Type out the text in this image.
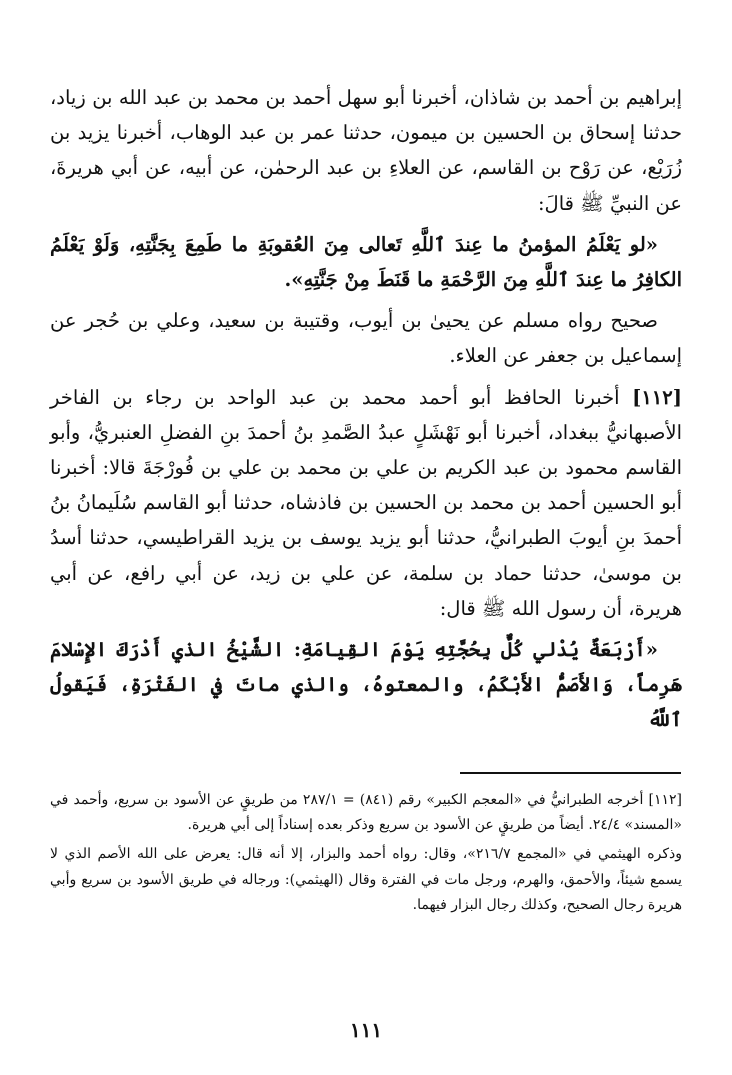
إبراهيم بن أحمد بن شاذان، أخبرنا أبو سهل أحمد بن محمد بن عبد الله بن زياد، حدثنا إسحاق بن الحسين بن ميمون، حدثنا عمر بن عبد الوهاب، أخبرنا يزيد بن زُرَيْع، عن رَوْح بن القاسم، عن العلاءِ بن عبد الرحمٰن، عن أبيه، عن أبي هريرةَ، عن النبيِّ ﷺ قالَ:

«لو يَعْلَمُ المؤمنُ ما عِندَ ٱللَّهِ تَعالى مِنَ العُقوبَةِ ما طَمِعَ بِجَنَّتِهِ، وَلَوْ يَعْلَمُ الكافِرُ ما عِندَ ٱللَّهِ مِنَ الرَّحْمَةِ ما قَنَطَ مِنْ جَنَّتِهِ».

صحيح رواه مسلم عن يحيىٰ بن أيوب، وقتيبة بن سعيد، وعلي بن حُجر عن إسماعيل بن جعفر عن العلاء.

[١١٢] أخبرنا الحافظ أبو أحمد محمد بن عبد الواحد بن رجاء بن الفاخر الأصبهانيُّ ببغداد، أخبرنا أبو نَهْشَلٍ عبدُ الصَّمدِ بنُ أحمدَ بنِ الفضلِ العنبريُّ، وأبو القاسم محمود بن عبد الكريم بن علي بن محمد بن علي بن فُورْجَةَ قالا: أخبرنا أبو الحسين أحمد بن محمد بن الحسين بن فاذشاه، حدثنا أبو القاسم سُلَيمانُ بنُ أحمدَ بنِ أيوبَ الطبرانيُّ، حدثنا أبو يزيد يوسف بن يزيد القراطيسي، حدثنا أسدُ بن موسىٰ، حدثنا حماد بن سلمة، عن علي بن زيد، عن أبي رافع، عن أبي هريرة، أن رسول الله ﷺ قال:

«أَرْبَعَةٌ يُدْلي كُلٌّ بِحُجَّتِهِ يَوْمَ القِيامَةِ: الشَّيْخُ الذي أَدْرَكَ الإِسْلامَ هَرِماً، وَالأَصَمُّ الأَبْكَمُ، والمعتوهُ، والذي ماتَ في الفَتْرَةِ، فَيَقولُ ٱللَّهُ

[١١٢] أخرجه الطبرانيُّ في «المعجم الكبير» رقم (٨٤١) = ٢٨٧/١ من طريقٍ عن الأسود بن سريع، وأحمد في «المسند» ٢٤/٤. أيضاً من طريقٍ عن الأسود بن سريع وذكر بعده إسناداً إلى أبي هريرة.

وذكره الهيثمي في «المجمع ٢١٦/٧»، وقال: رواه أحمد والبزار، إلا أنه قال: يعرض على الله الأصم الذي لا يسمع شيئاً، والأحمق، والهرم، ورجل مات في الفترة وقال (الهيثمي): ورجاله في طريق الأسود بن سريع وأبي هريرة رجال الصحيح، وكذلك رجال البزار فيهما.

١١١
